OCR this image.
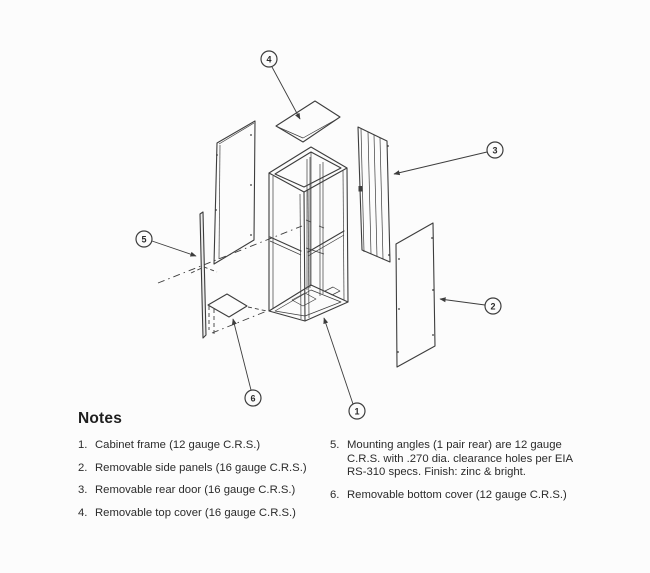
4
3
2
5
6
1
Notes
1. Cabinet frame (12 gauge C.R.S.)
2. Removable side panels (16 gauge C.R.S.)
3. Removable rear door (16 gauge C.R.S.)
4. Removable top cover (16 gauge C.R.S.)
5. Mounting angles (1 pair rear) are 12 gauge C.R.S. with .270 dia. clearance holes per EIA RS-310 specs. Finish: zinc & bright.
6. Removable bottom cover (12 gauge C.R.S.)
